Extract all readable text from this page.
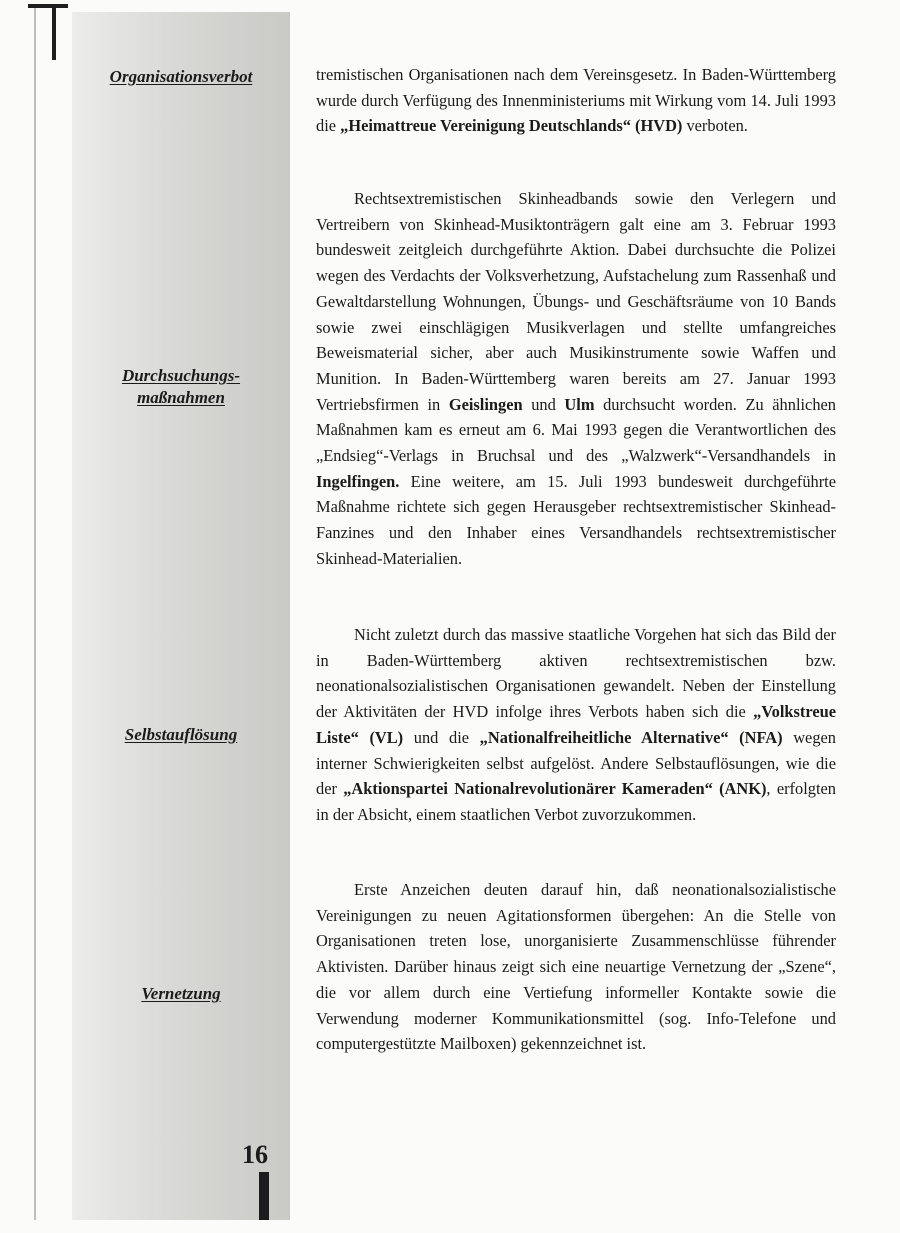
Organisationsverbot
Durchsuchungs-
maßnahmen
Selbstauflösung
Vernetzung

tremistischen Organisationen nach dem Vereinsgesetz. In Baden-Württemberg wurde durch Verfügung des Innenministeriums mit Wirkung vom 14. Juli 1993 die „Heimattreue Vereinigung Deutschlands“ (HVD) verboten.

Rechtsextremistischen Skinheadbands sowie den Verlegern und Vertreibern von Skinhead-Musiktonträgern galt eine am 3. Februar 1993 bundesweit zeitgleich durchgeführte Aktion. Dabei durchsuchte die Polizei wegen des Verdachts der Volksverhetzung, Aufstachelung zum Rassenhaß und Gewaltdarstellung Wohnungen, Übungs- und Geschäftsräume von 10 Bands sowie zwei einschlägigen Musikverlagen und stellte umfangreiches Beweismaterial sicher, aber auch Musikinstrumente sowie Waffen und Munition. In Baden-Württemberg waren bereits am 27. Januar 1993 Vertriebsfirmen in Geislingen und Ulm durchsucht worden. Zu ähnlichen Maßnahmen kam es erneut am 6. Mai 1993 gegen die Verantwortlichen des „Endsieg“-Verlags in Bruchsal und des „Walzwerk“-Versandhandels in Ingelfingen. Eine weitere, am 15. Juli 1993 bundesweit durchgeführte Maßnahme richtete sich gegen Herausgeber rechtsextremistischer Skinhead-Fanzines und den Inhaber eines Versandhandels rechtsextremistischer Skinhead-Materialien.

Nicht zuletzt durch das massive staatliche Vorgehen hat sich das Bild der in Baden-Württemberg aktiven rechtsextremistischen bzw. neonationalsozialistischen Organisationen gewandelt. Neben der Einstellung der Aktivitäten der HVD infolge ihres Verbots haben sich die „Volkstreue Liste“ (VL) und die „Nationalfreiheitliche Alternative“ (NFA) wegen interner Schwierigkeiten selbst aufgelöst. Andere Selbstauflösungen, wie die der „Aktionspartei Nationalrevolutionärer Kameraden“ (ANK), erfolgten in der Absicht, einem staatlichen Verbot zuvorzukommen.

Erste Anzeichen deuten darauf hin, daß neonationalsozialistische Vereinigungen zu neuen Agitationsformen übergehen: An die Stelle von Organisationen treten lose, unorganisierte Zusammenschlüsse führender Aktivisten. Darüber hinaus zeigt sich eine neuartige Vernetzung der „Szene“, die vor allem durch eine Vertiefung informeller Kontakte sowie die Verwendung moderner Kommunikationsmittel (sog. Info-Telefone und computergestützte Mailboxen) gekennzeichnet ist.

16
